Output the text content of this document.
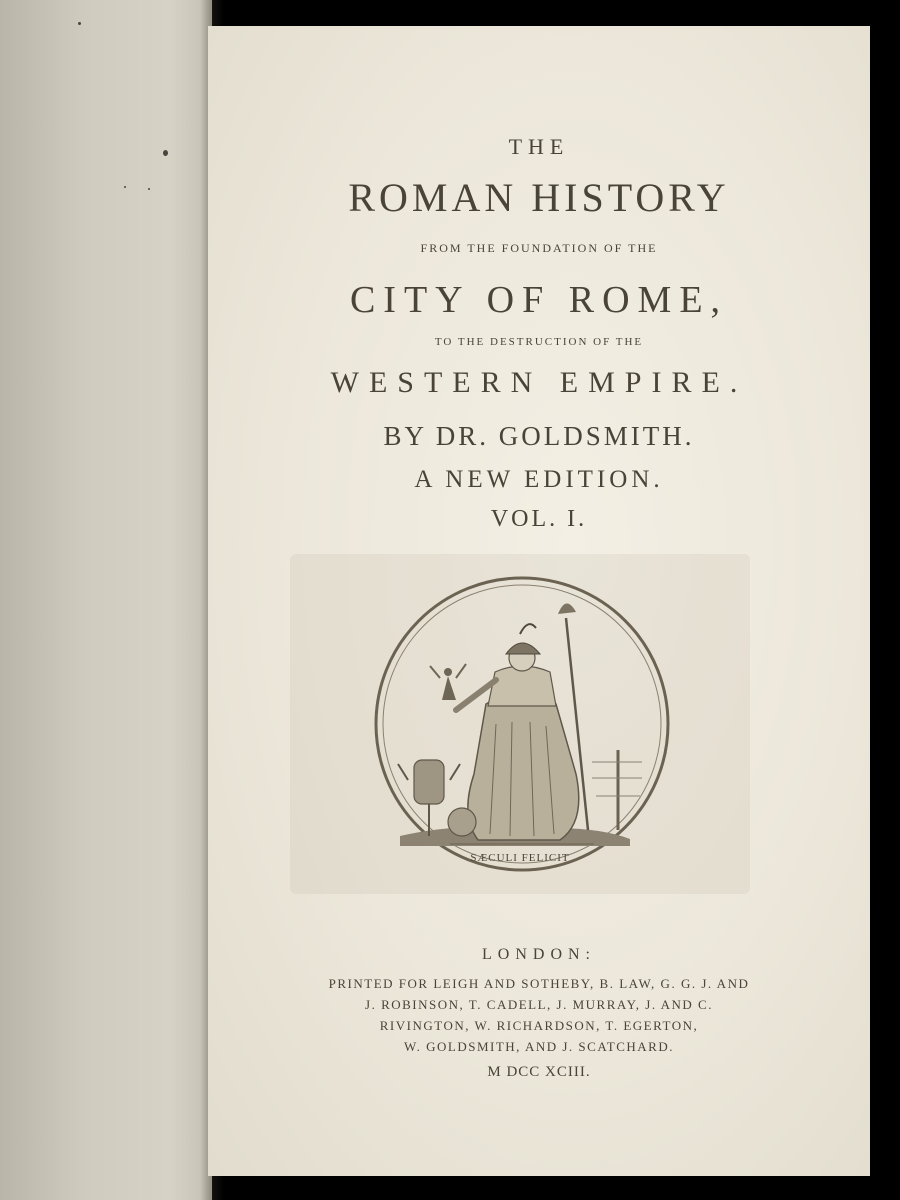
THE

ROMAN HISTORY

FROM THE FOUNDATION OF THE

CITY OF ROME,

TO THE DESTRUCTION OF THE

WESTERN EMPIRE.

BY DR. GOLDSMITH.

A NEW EDITION.

VOL. I.

SÆCULI FELICIT

LONDON:

PRINTED FOR LEIGH AND SOTHEBY, B. LAW, G. G. J. AND

J. ROBINSON, T. CADELL, J. MURRAY, J. AND C.

RIVINGTON, W. RICHARDSON, T. EGERTON,

W. GOLDSMITH, AND J. SCATCHARD.

M DCC XCIII.
